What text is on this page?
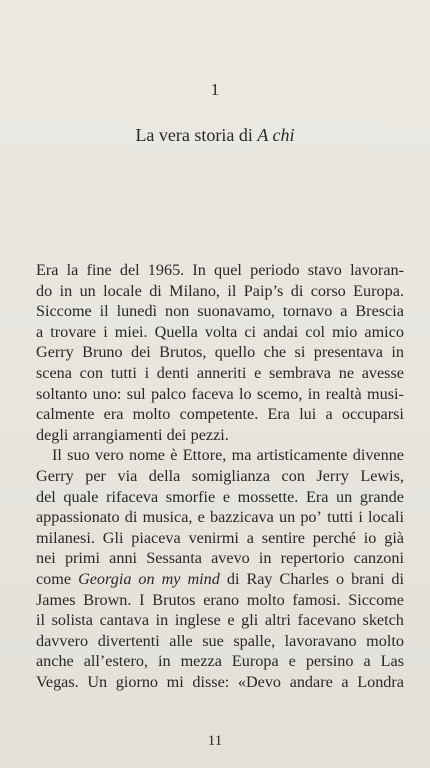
1
La vera storia di A chi
Era la fine del 1965. In quel periodo stavo lavoran-
do in un locale di Milano, il Paip’s di corso Europa.
Siccome il lunedì non suonavamo, tornavo a Brescia
a trovare i miei. Quella volta ci andai col mio amico
Gerry Bruno dei Brutos, quello che si presentava in
scena con tutti i denti anneriti e sembrava ne avesse
soltanto uno: sul palco faceva lo scemo, in realtà musi-
calmente era molto competente. Era lui a occuparsi
degli arrangiamenti dei pezzi.
Il suo vero nome è Ettore, ma artisticamente divenne
Gerry per via della somiglianza con Jerry Lewis,
del quale rifaceva smorfie e mossette. Era un grande
appassionato di musica, e bazzicava un po’ tutti i locali
milanesi. Gli piaceva venirmi a sentire perché io già
nei primi anni Sessanta avevo in repertorio canzoni
come Georgia on my mind di Ray Charles o brani di
James Brown. I Brutos erano molto famosi. Siccome
il solista cantava in inglese e gli altri facevano sketch
davvero divertenti alle sue spalle, lavoravano molto
anche all’estero, in mezza Europa e persino a Las
Vegas. Un giorno mi disse: «Devo andare a Londra
11
